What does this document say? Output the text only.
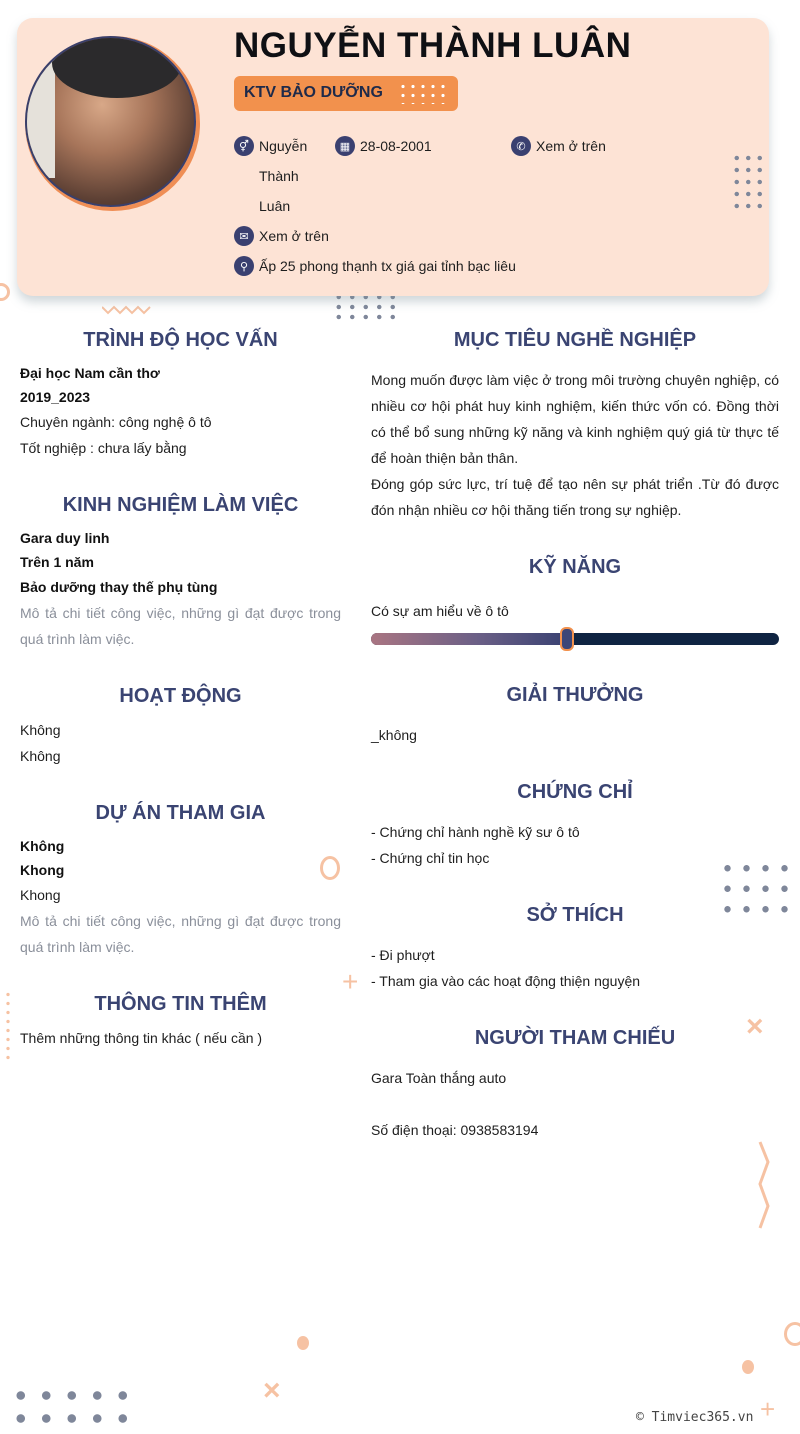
+
×
×
+
NGUYỄN THÀNH LUÂN
KTV BẢO DƯỠNG
⚥ Nguyễn
Thành
Luân
▦ 28-08-2001	✆ Xem ở trên
✉ Xem ở trên
⚲ Ấp 25 phong thạnh tx giá gai tỉnh bạc liêu
TRÌNH ĐỘ HỌC VẤN
Đại học Nam cần thơ
2019_2023
Chuyên ngành: công nghệ ô tô
Tốt nghiệp : chưa lấy bằng
KINH NGHIỆM LÀM VIỆC
Gara duy linh
Trên 1 năm
Bảo dưỡng thay thế phụ tùng
Mô tả chi tiết công việc, những gì đạt được trong quá trình làm việc.
HOẠT ĐỘNG
Không
Không
DỰ ÁN THAM GIA
Không
Khong
Khong
Mô tả chi tiết công việc, những gì đạt được trong quá trình làm việc.
THÔNG TIN THÊM
Thêm những thông tin khác ( nếu cần )
MỤC TIÊU NGHỀ NGHIỆP
Mong muốn được làm việc ở trong môi trường chuyên nghiệp, có nhiều cơ hội phát huy kinh nghiệm, kiến thức vốn có. Đồng thời có thể bổ sung những kỹ năng và kinh nghiệm quý giá từ thực tế để hoàn thiện bản thân.
Đóng góp sức lực, trí tuệ để tạo nên sự phát triển .Từ đó được đón nhận nhiều cơ hội thăng tiến trong sự nghiệp.
KỸ NĂNG
Có sự am hiểu về ô tô
GIẢI THƯỞNG
_không
CHỨNG CHỈ
- Chứng chỉ hành nghề kỹ sư ô tô
- Chứng chỉ tin học
SỞ THÍCH
- Đi phượt
- Tham gia vào các hoạt động thiện nguyện
NGƯỜI THAM CHIẾU
Gara Toàn thắng auto
Số điện thoại: 0938583194
© Timviec365.vn
